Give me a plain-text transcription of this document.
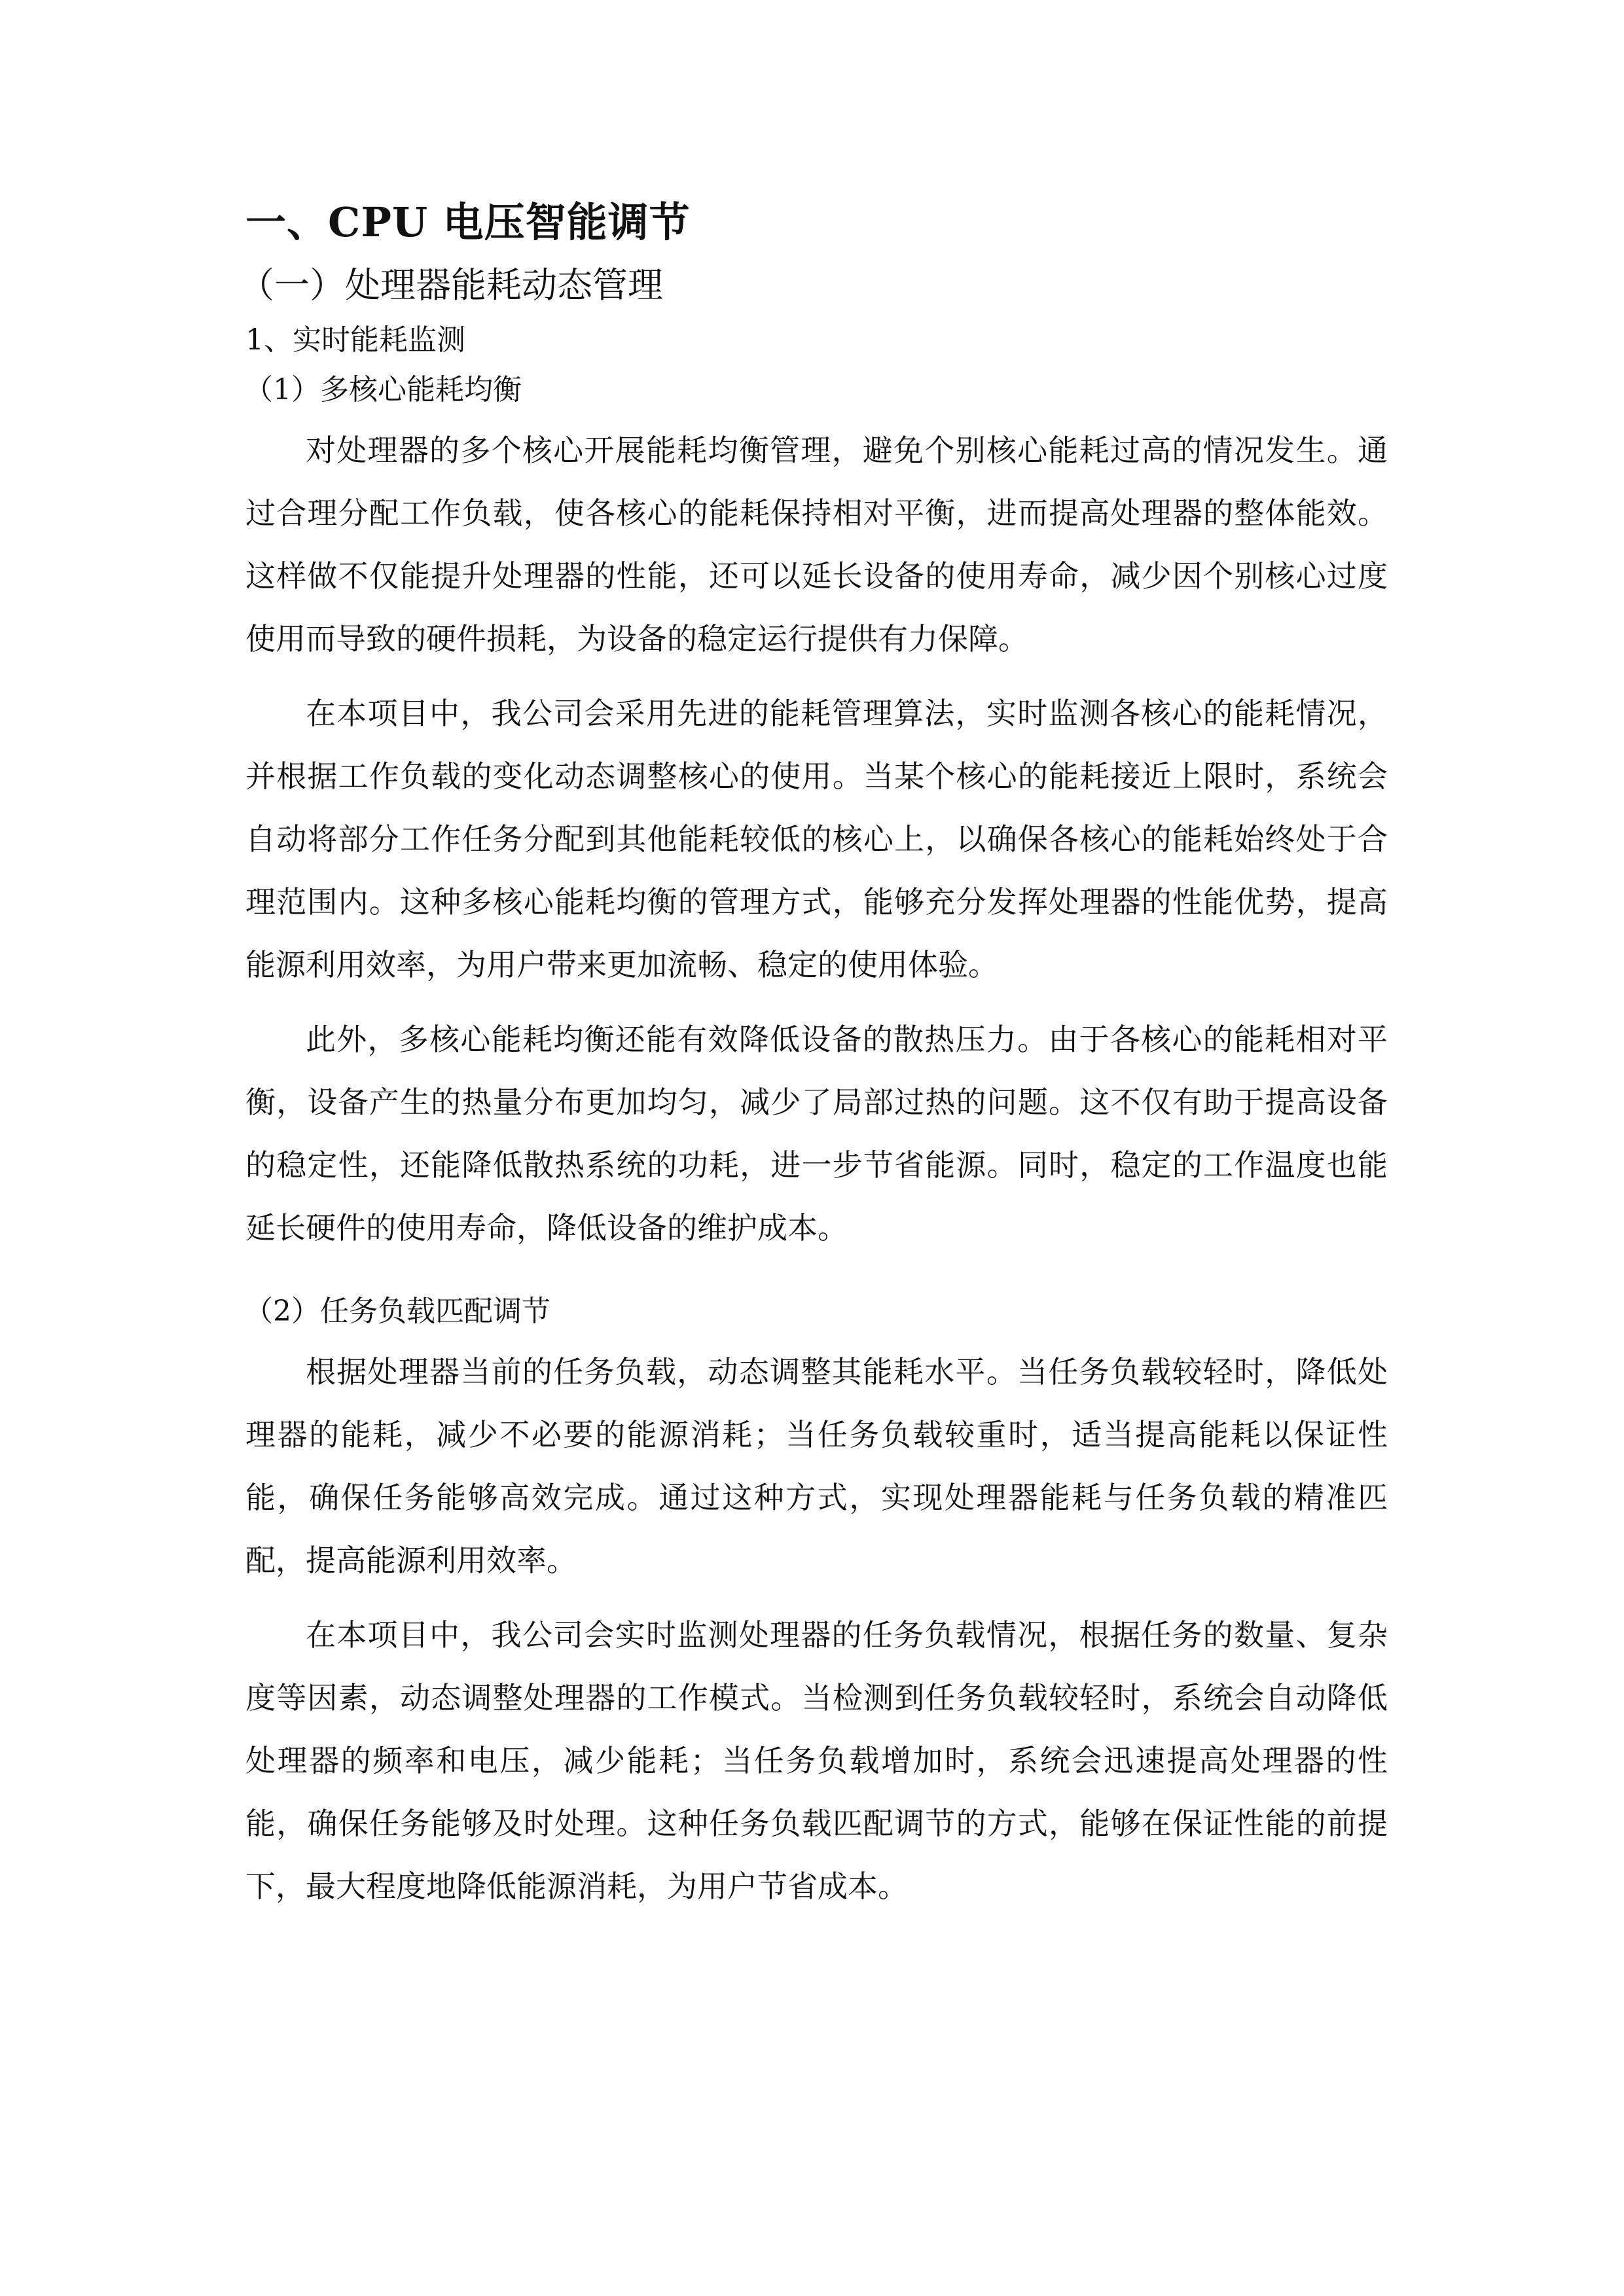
一、CPU 电压智能调节
（一）处理器能耗动态管理
1、实时能耗监测
（1）多核心能耗均衡

对处理器的多个核心开展能耗均衡管理，避免个别核心能耗过高的情况发生。通过合理分配工作负载，使各核心的能耗保持相对平衡，进而提高处理器的整体能效。这样做不仅能提升处理器的性能，还可以延长设备的使用寿命，减少因个别核心过度使用而导致的硬件损耗，为设备的稳定运行提供有力保障。

在本项目中，我公司会采用先进的能耗管理算法，实时监测各核心的能耗情况，并根据工作负载的变化动态调整核心的使用。当某个核心的能耗接近上限时，系统会自动将部分工作任务分配到其他能耗较低的核心上，以确保各核心的能耗始终处于合理范围内。这种多核心能耗均衡的管理方式，能够充分发挥处理器的性能优势，提高能源利用效率，为用户带来更加流畅、稳定的使用体验。

此外，多核心能耗均衡还能有效降低设备的散热压力。由于各核心的能耗相对平衡，设备产生的热量分布更加均匀，减少了局部过热的问题。这不仅有助于提高设备的稳定性，还能降低散热系统的功耗，进一步节省能源。同时，稳定的工作温度也能延长硬件的使用寿命，降低设备的维护成本。

（2）任务负载匹配调节

根据处理器当前的任务负载，动态调整其能耗水平。当任务负载较轻时，降低处理器的能耗，减少不必要的能源消耗；当任务负载较重时，适当提高能耗以保证性能，确保任务能够高效完成。通过这种方式，实现处理器能耗与任务负载的精准匹配，提高能源利用效率。

在本项目中，我公司会实时监测处理器的任务负载情况，根据任务的数量、复杂度等因素，动态调整处理器的工作模式。当检测到任务负载较轻时，系统会自动降低处理器的频率和电压，减少能耗；当任务负载增加时，系统会迅速提高处理器的性能，确保任务能够及时处理。这种任务负载匹配调节的方式，能够在保证性能的前提下，最大程度地降低能源消耗，为用户节省成本。
